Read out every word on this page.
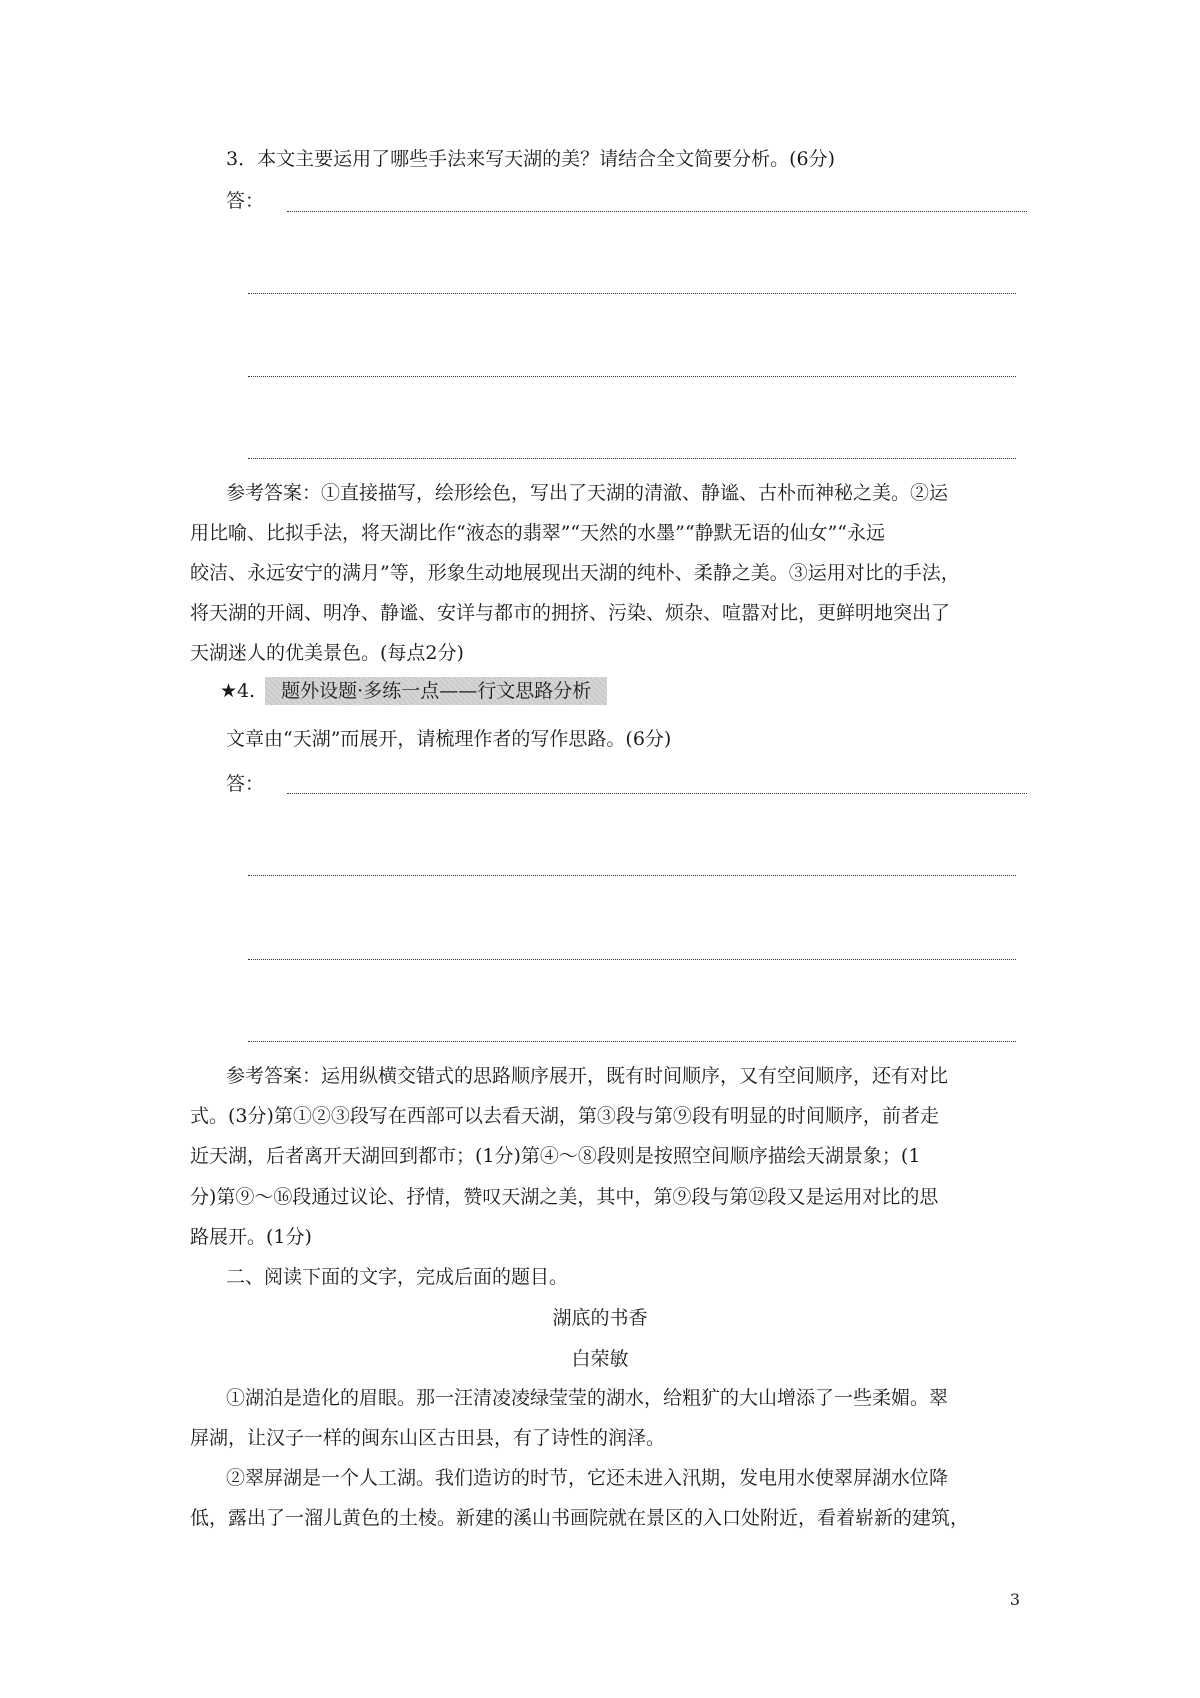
3．本文主要运用了哪些手法来写天湖的美？请结合全文简要分析。(6分)
答：
参考答案：①直接描写，绘形绘色，写出了天湖的清澈、静谧、古朴而神秘之美。②运
用比喻、比拟手法，将天湖比作“液态的翡翠”“天然的水墨”“静默无语的仙女”“永远
皎洁、永远安宁的满月”等，形象生动地展现出天湖的纯朴、柔静之美。③运用对比的手法，
将天湖的开阔、明净、静谧、安详与都市的拥挤、污染、烦杂、喧嚣对比，更鲜明地突出了
天湖迷人的优美景色。(每点2分)
★4. 题外设题·多练一点——行文思路分析
文章由“天湖”而展开，请梳理作者的写作思路。(6分)
答：
参考答案：运用纵横交错式的思路顺序展开，既有时间顺序，又有空间顺序，还有对比
式。(3分)第①②③段写在西部可以去看天湖，第③段与第⑨段有明显的时间顺序，前者走
近天湖，后者离开天湖回到都市；(1分)第④～⑧段则是按照空间顺序描绘天湖景象；(1
分)第⑨～⑯段通过议论、抒情，赞叹天湖之美，其中，第⑨段与第⑫段又是运用对比的思
路展开。(1分)
二、阅读下面的文字，完成后面的题目。
湖底的书香
白荣敏
①湖泊是造化的眉眼。那一汪清凌凌绿莹莹的湖水，给粗犷的大山增添了一些柔媚。翠
屏湖，让汉子一样的闽东山区古田县，有了诗性的润泽。
②翠屏湖是一个人工湖。我们造访的时节，它还未进入汛期，发电用水使翠屏湖水位降
低，露出了一溜儿黄色的土棱。新建的溪山书画院就在景区的入口处附近，看着崭新的建筑，
3
